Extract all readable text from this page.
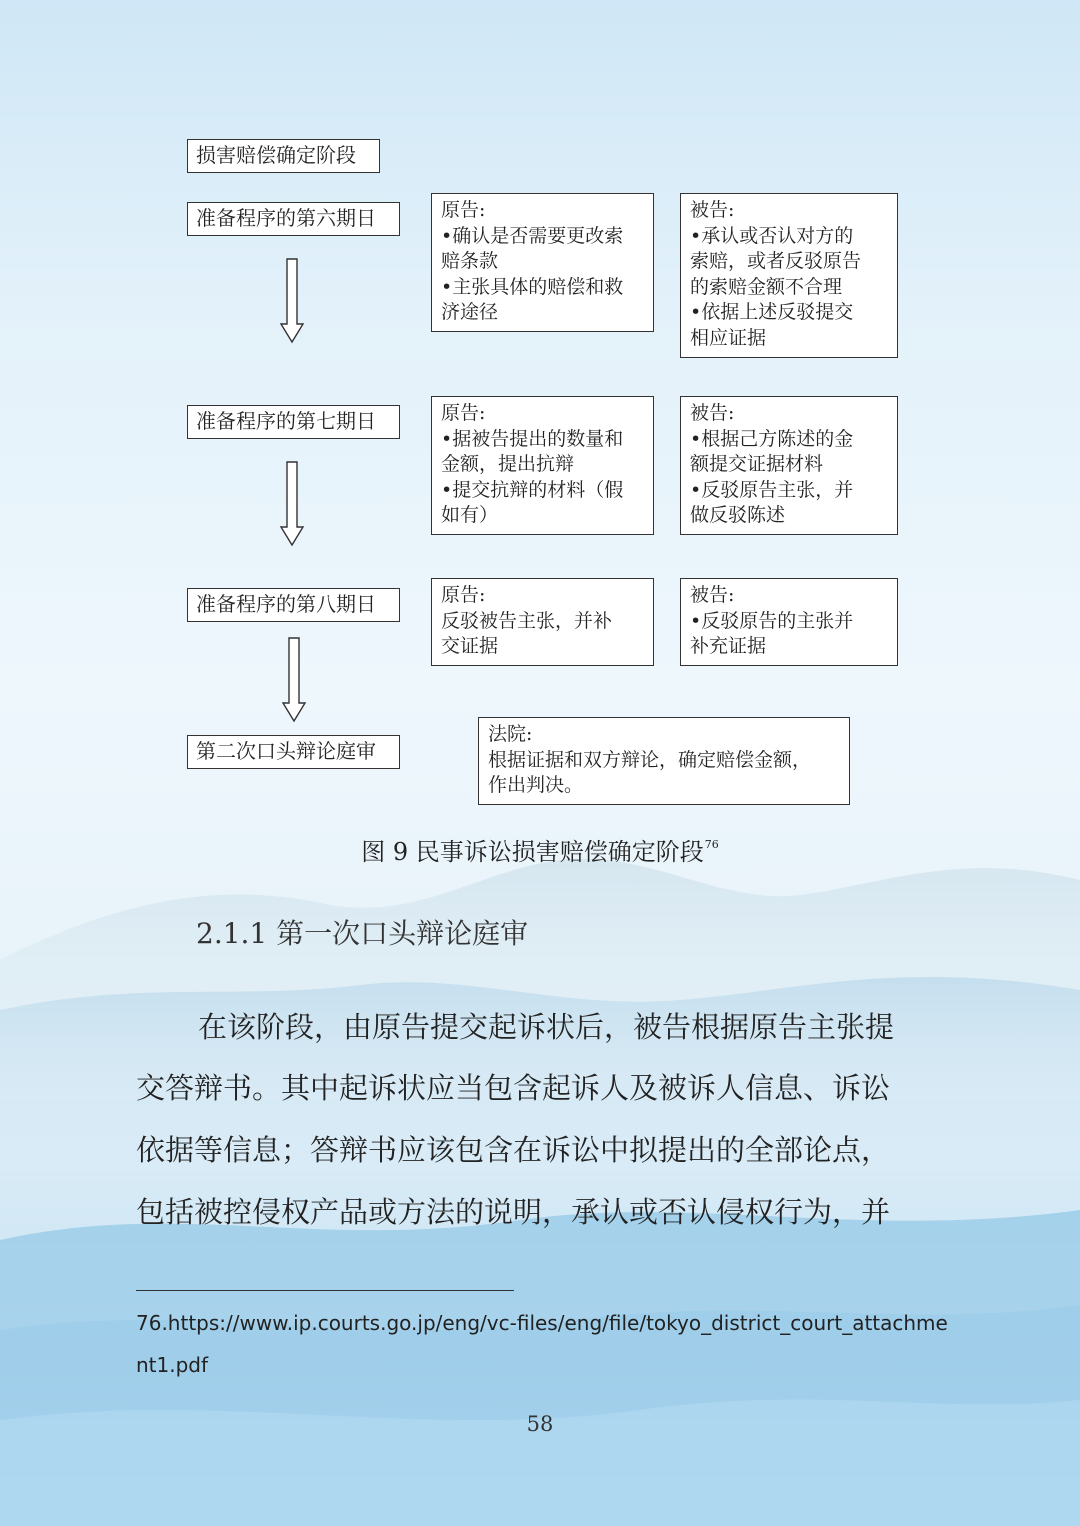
损害赔偿确定阶段
准备程序的第六期日	原告:
•确认是否需要更改索
赔条款
•主张具体的赔偿和救
济途径
被告:
•承认或否认对方的
索赔，或者反驳原告
的索赔金额不合理
•依据上述反驳提交
相应证据
准备程序的第七期日	原告:
•据被告提出的数量和
金额，提出抗辩
•提交抗辩的材料（假
如有）
被告:
•根据己方陈述的金
额提交证据材料
•反驳原告主张，并
做反驳陈述
准备程序的第八期日	原告:
反驳被告主张，并补
交证据
被告:
•反驳原告的主张并
补充证据
第二次口头辩论庭审
法院:
根据证据和双方辩论，确定赔偿金额，
作出判决。
图 9 民事诉讼损害赔偿确定阶段$^{76}$
2.1.1 第一次口头辩论庭审
在该阶段，由原告提交起诉状后，被告根据原告主张提
交答辩书。其中起诉状应当包含起诉人及被诉人信息、诉讼
依据等信息；答辩书应该包含在诉讼中拟提出的全部论点，
包括被控侵权产品或方法的说明，承认或否认侵权行为，并
76.https://www.ip.courts.go.jp/eng/vc-files/eng/file/tokyo_district_court_attachment1.pdf
58
